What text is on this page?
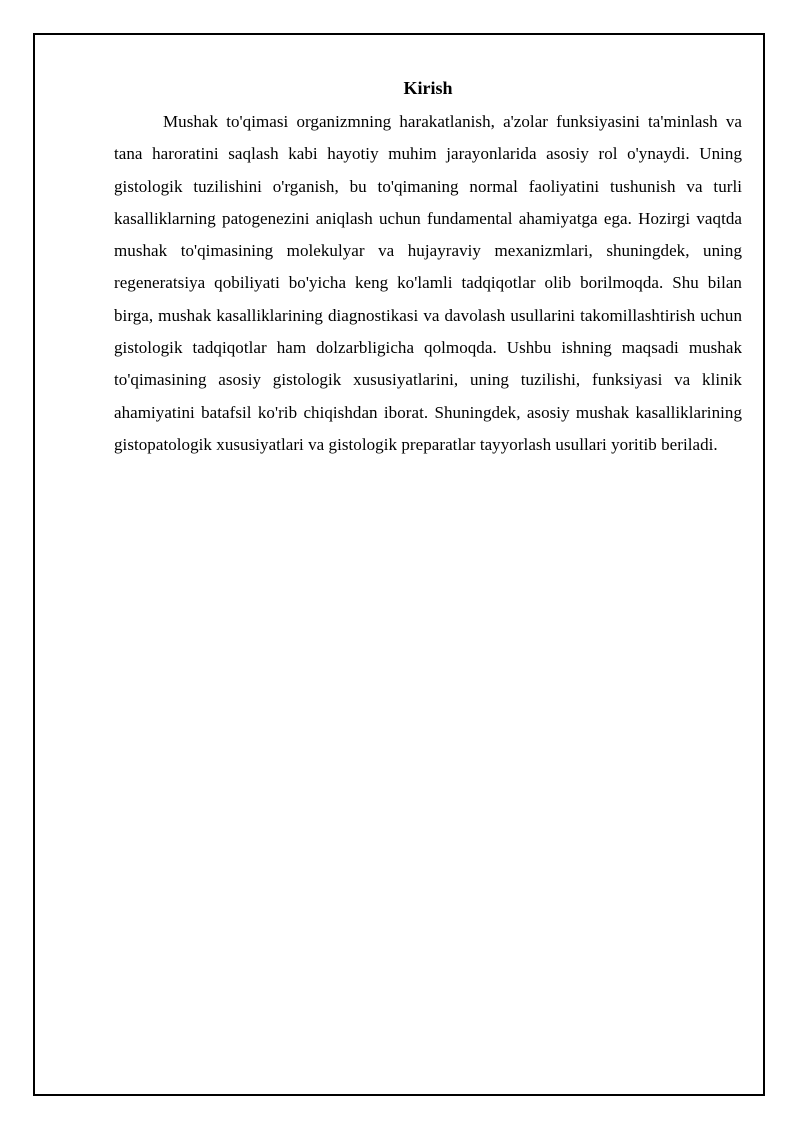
Kirish

Mushak to'qimasi organizmning harakatlanish, a'zolar funksiyasini ta'minlash va tana haroratini saqlash kabi hayotiy muhim jarayonlarida asosiy rol o'ynaydi. Uning gistologik tuzilishini o'rganish, bu to'qimaning normal faoliyatini tushunish va turli kasalliklarning patogenezini aniqlash uchun fundamental ahamiyatga ega. Hozirgi vaqtda mushak to'qimasining molekulyar va hujayraviy mexanizmlari, shuningdek, uning regeneratsiya qobiliyati bo'yicha keng ko'lamli tadqiqotlar olib borilmoqda. Shu bilan birga, mushak kasalliklarining diagnostikasi va davolash usullarini takomillashtirish uchun gistologik tadqiqotlar ham dolzarbligicha qolmoqda. Ushbu ishning maqsadi mushak to'qimasining asosiy gistologik xususiyatlarini, uning tuzilishi, funksiyasi va klinik ahamiyatini batafsil ko'rib chiqishdan iborat. Shuningdek, asosiy mushak kasalliklarining gistopatologik xususiyatlari va gistologik preparatlar tayyorlash usullari yoritib beriladi.
